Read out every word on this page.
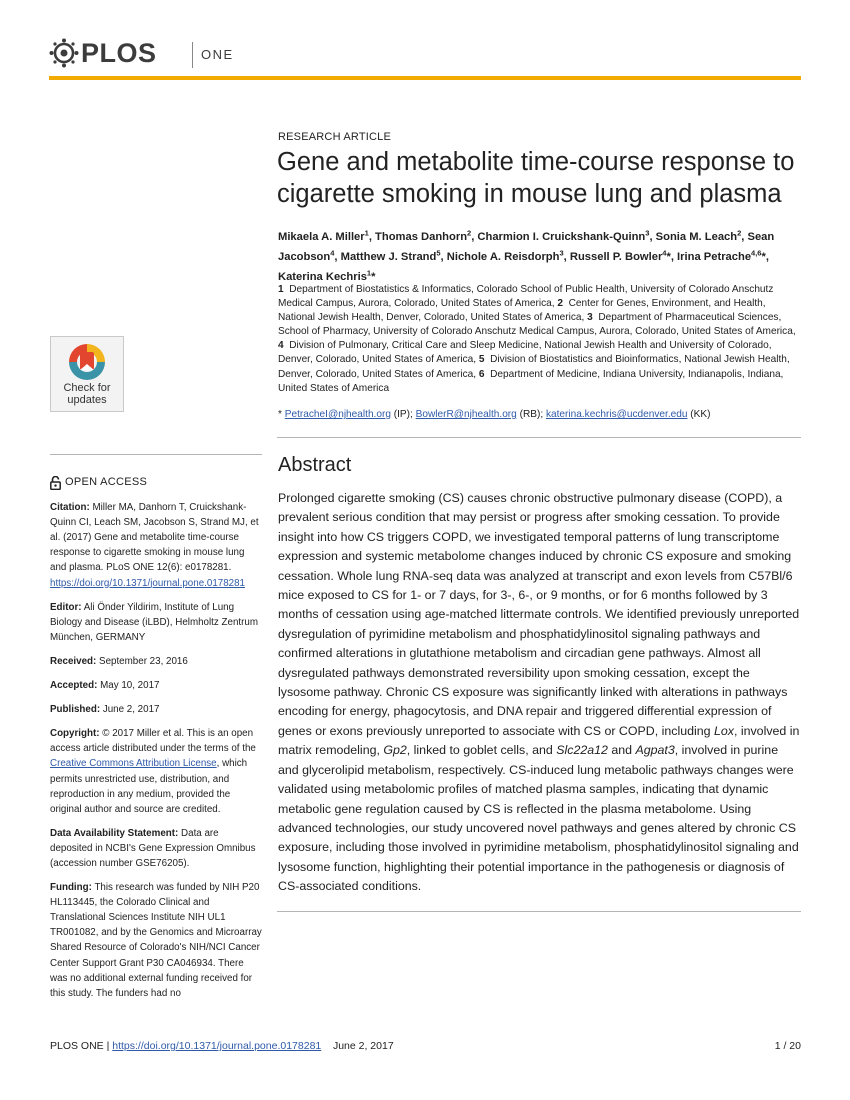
PLOS	ONE
Check for
updates
OPEN ACCESS
Citation: Miller MA, Danhorn T, Cruickshank-Quinn CI, Leach SM, Jacobson S, Strand MJ, et al. (2017) Gene and metabolite time-course response to cigarette smoking in mouse lung and plasma. PLoS ONE 12(6): e0178281. https://doi.org/10.1371/journal.pone.0178281
Editor: Ali Önder Yildirim, Institute of Lung Biology and Disease (iLBD), Helmholtz Zentrum München, GERMANY
Received: September 23, 2016
Accepted: May 10, 2017
Published: June 2, 2017
Copyright: © 2017 Miller et al. This is an open access article distributed under the terms of the Creative Commons Attribution License, which permits unrestricted use, distribution, and reproduction in any medium, provided the original author and source are credited.
Data Availability Statement: Data are deposited in NCBI's Gene Expression Omnibus (accession number GSE76205).
Funding: This research was funded by NIH P20 HL113445, the Colorado Clinical and Translational Sciences Institute NIH UL1 TR001082, and by the Genomics and Microarray Shared Resource of Colorado's NIH/NCI Cancer Center Support Grant P30 CA046934. There was no additional external funding received for this study. The funders had no
RESEARCH ARTICLE
Gene and metabolite time-course response to cigarette smoking in mouse lung and plasma
Mikaela A. Miller$^1$, Thomas Danhorn$^2$, Charmion I. Cruickshank-Quinn$^3$, Sonia M. Leach$^2$, Sean Jacobson$^4$, Matthew J. Strand$^5$, Nichole A. Reisdorph$^3$, Russell P. Bowler$^4$*, Irina Petrache$^{4,6}$*, Katerina Kechris$^1$*
1 Department of Biostatistics & Informatics, Colorado School of Public Health, University of Colorado Anschutz Medical Campus, Aurora, Colorado, United States of America, 2 Center for Genes, Environment, and Health, National Jewish Health, Denver, Colorado, United States of America, 3 Department of Pharmaceutical Sciences, School of Pharmacy, University of Colorado Anschutz Medical Campus, Aurora, Colorado, United States of America, 4 Division of Pulmonary, Critical Care and Sleep Medicine, National Jewish Health and University of Colorado, Denver, Colorado, United States of America, 5 Division of Biostatistics and Bioinformatics, National Jewish Health, Denver, Colorado, United States of America, 6 Department of Medicine, Indiana University, Indianapolis, Indiana, United States of America
* PetracheI@njhealth.org (IP); BowlerR@njhealth.org (RB); katerina.kechris@ucdenver.edu (KK)
Abstract
Prolonged cigarette smoking (CS) causes chronic obstructive pulmonary disease (COPD), a prevalent serious condition that may persist or progress after smoking cessation. To provide insight into how CS triggers COPD, we investigated temporal patterns of lung transcriptome expression and systemic metabolome changes induced by chronic CS exposure and smoking cessation. Whole lung RNA-seq data was analyzed at transcript and exon levels from C57Bl/6 mice exposed to CS for 1- or 7 days, for 3-, 6-, or 9 months, or for 6 months followed by 3 months of cessation using age-matched littermate controls. We identified previously unreported dysregulation of pyrimidine metabolism and phosphatidylinositol signaling pathways and confirmed alterations in glutathione metabolism and circadian gene pathways. Almost all dysregulated pathways demonstrated reversibility upon smoking cessation, except the lysosome pathway. Chronic CS exposure was significantly linked with alterations in pathways encoding for energy, phagocytosis, and DNA repair and triggered differential expression of genes or exons previously unreported to associate with CS or COPD, including Lox, involved in matrix remodeling, Gp2, linked to goblet cells, and Slc22a12 and Agpat3, involved in purine and glycerolipid metabolism, respectively. CS-induced lung metabolic pathways changes were validated using metabolomic profiles of matched plasma samples, indicating that dynamic metabolic gene regulation caused by CS is reflected in the plasma metabolome. Using advanced technologies, our study uncovered novel pathways and genes altered by chronic CS exposure, including those involved in pyrimidine metabolism, phosphatidylinositol signaling and lysosome function, highlighting their potential importance in the pathogenesis or diagnosis of CS-associated conditions.
PLOS ONE | https://doi.org/10.1371/journal.pone.0178281 June 2, 2017	1 / 20
